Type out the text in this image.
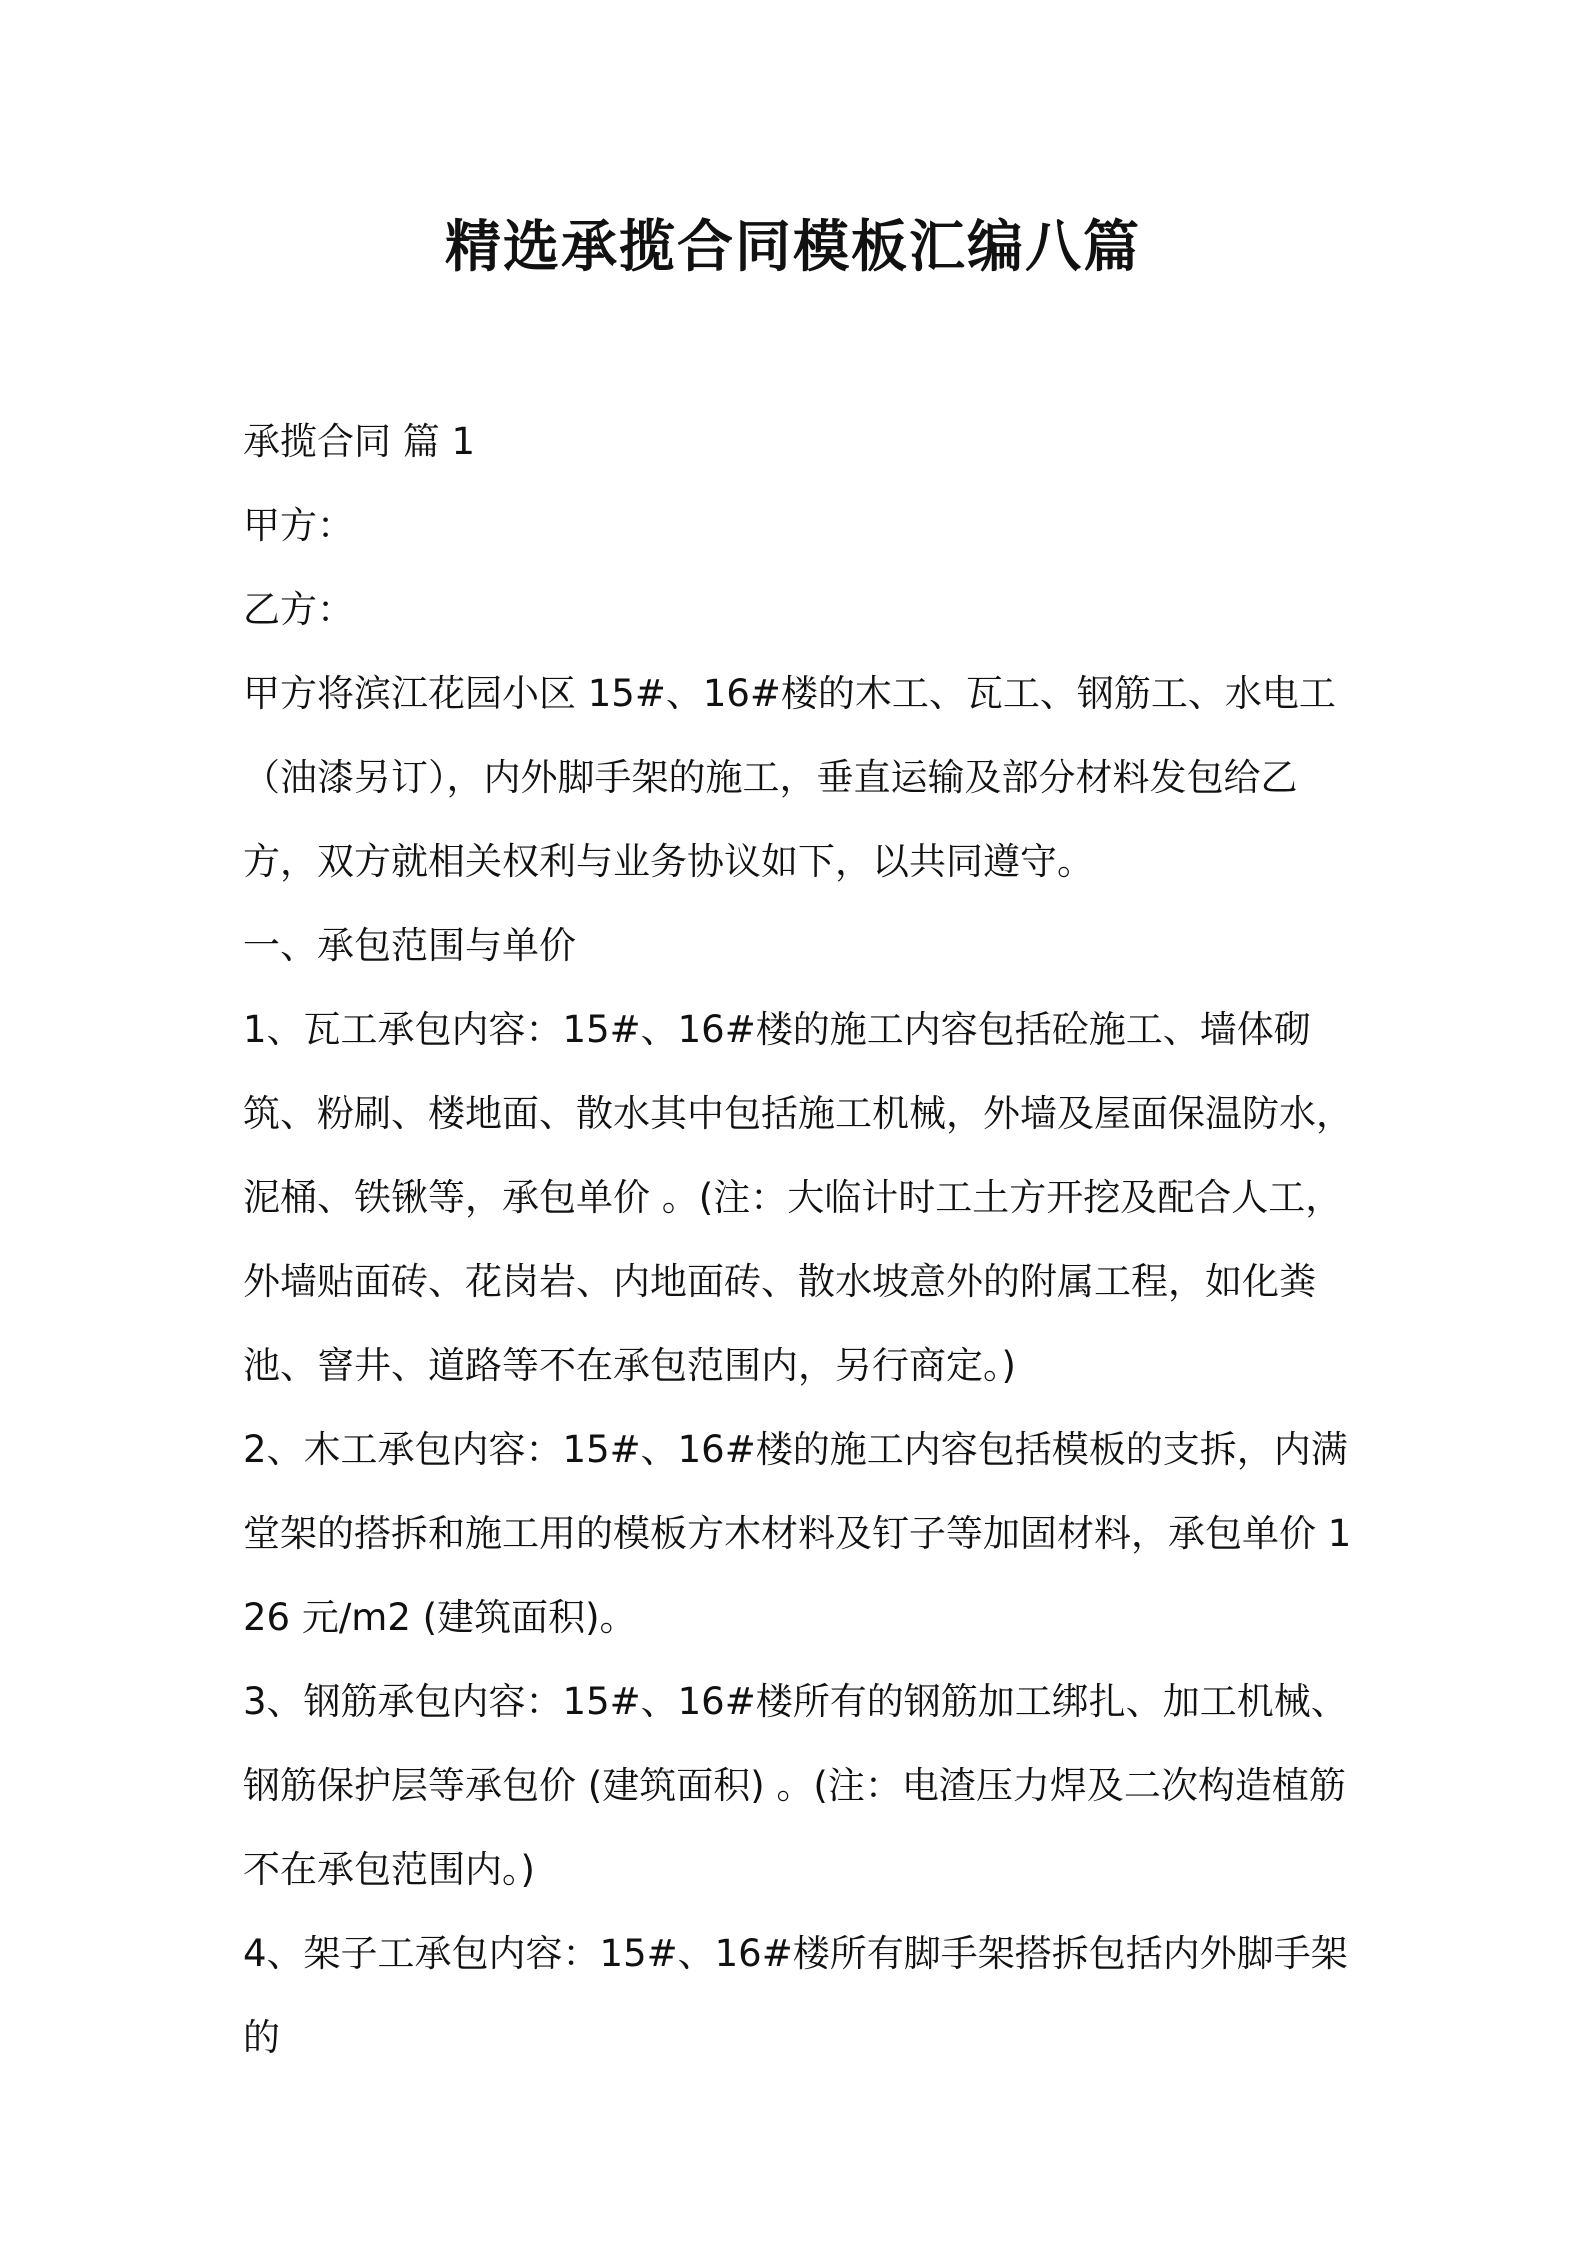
精选承揽合同模板汇编八篇

承揽合同 篇 1

甲方：

乙方：

甲方将滨江花园小区 15#、16#楼的木工、瓦工、钢筋工、水电工（油漆另订），内外脚手架的施工，垂直运输及部分材料发包给乙方，双方就相关权利与业务协议如下，以共同遵守。

一、承包范围与单价

1、瓦工承包内容：15#、16#楼的施工内容包括砼施工、墙体砌筑、粉刷、楼地面、散水其中包括施工机械，外墙及屋面保温防水，泥桶、铁锹等，承包单价 。(注：大临计时工土方开挖及配合人工，外墙贴面砖、花岗岩、内地面砖、散水坡意外的附属工程，如化粪池、窨井、道路等不在承包范围内，另行商定。)

2、木工承包内容：15#、16#楼的施工内容包括模板的支拆，内满堂架的搭拆和施工用的模板方木材料及钉子等加固材料，承包单价 126 元/m2 (建筑面积)。

3、钢筋承包内容：15#、16#楼所有的钢筋加工绑扎、加工机械、钢筋保护层等承包价 (建筑面积) 。(注：电渣压力焊及二次构造植筋不在承包范围内。)

4、架子工承包内容：15#、16#楼所有脚手架搭拆包括内外脚手架的
